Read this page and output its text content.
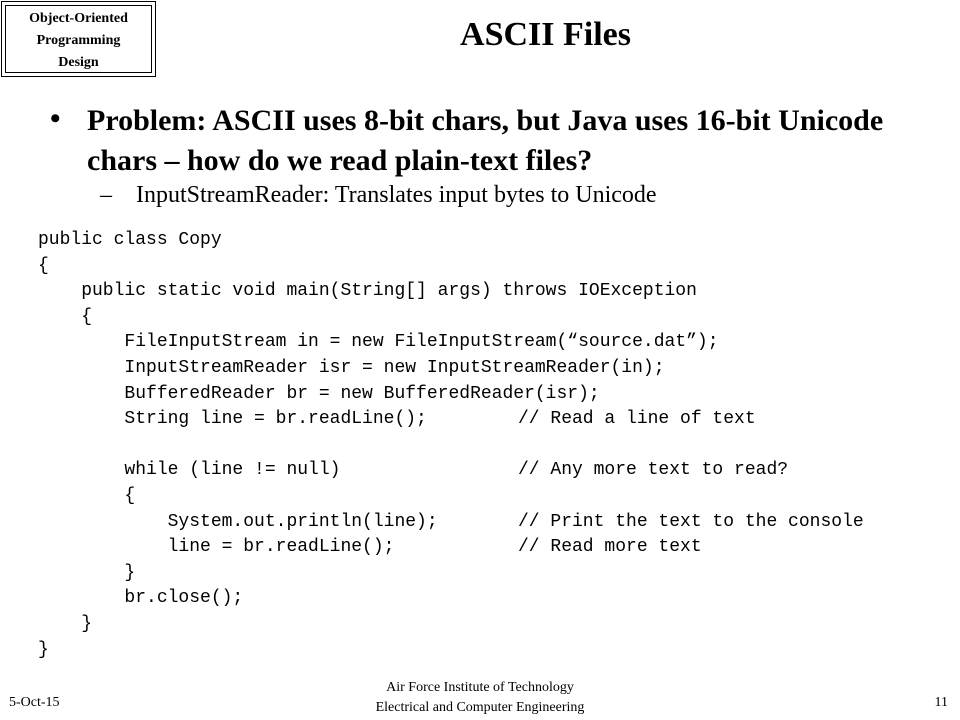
Object-Oriented
Programming
Design
ASCII Files
• Problem: ASCII uses 8-bit chars, but Java uses 16-bit Unicode chars – how do we read plain-text files?

– InputStreamReader: Translates input bytes to Unicode

public class Copy
{
public static void main(String[] args) throws IOException
{
FileInputStream in = new FileInputStream(“source.dat”);
InputStreamReader isr = new InputStreamReader(in);
BufferedReader br = new BufferedReader(isr);
String line = br.readLine();	// Read a line of text
while (line != null)	// Any more text to read?
{
System.out.println(line);	// Print the text to the console
line = br.readLine();	// Read more text
}
br.close();
}
}
5-Oct-15
Air Force Institute of Technology
Electrical and Computer Engineering	11
